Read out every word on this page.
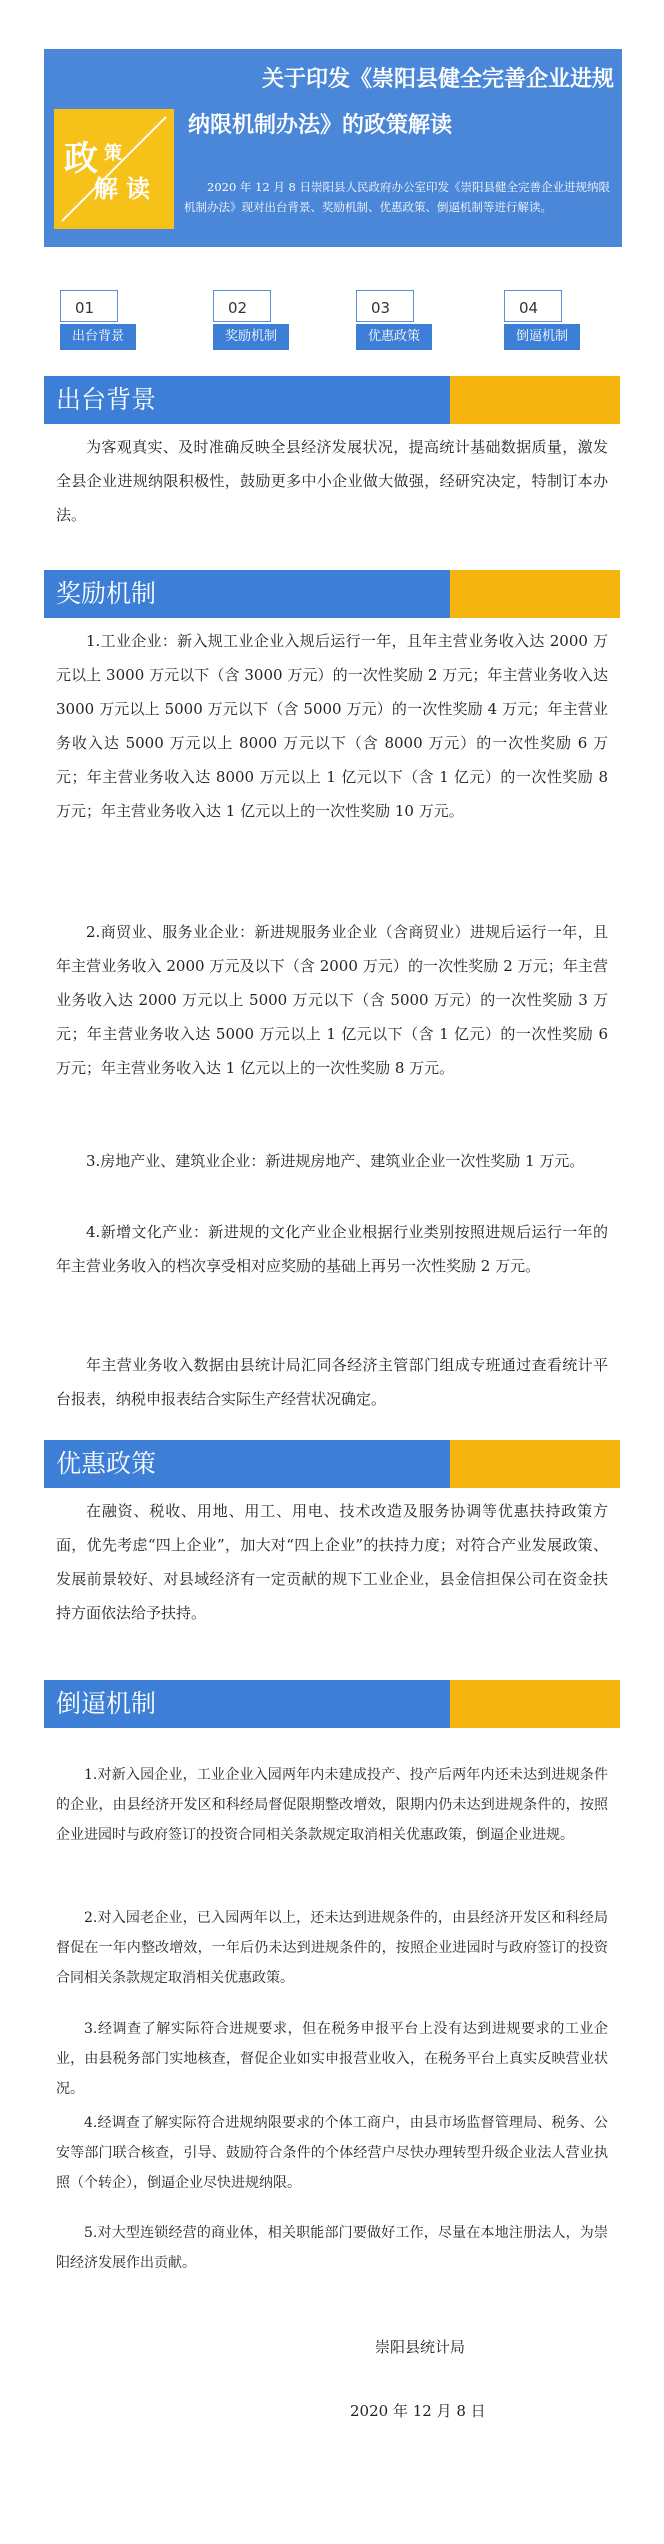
政 策
解 读
关于印发《崇阳县健全完善企业进规
纳限机制办法》的政策解读

2020 年 12 月 8 日崇阳县人民政府办公室印发《崇阳县健全完善企业进规纳限机制办法》现对出台背景、奖励机制、优惠政策、倒逼机制等进行解读。

01
出台背景
02
奖励机制
03
优惠政策
04
倒逼机制
出台背景

为客观真实、及时准确反映全县经济发展状况，提高统计基础数据质量，激发全县企业进规纳限积极性，鼓励更多中小企业做大做强，经研究决定，特制订本办法。

奖励机制

1.工业企业：新入规工业企业入规后运行一年，且年主营业务收入达 2000 万元以上 3000 万元以下（含 3000 万元）的一次性奖励 2 万元；年主营业务收入达 3000 万元以上 5000 万元以下（含 5000 万元）的一次性奖励 4 万元；年主营业务收入达 5000 万元以上 8000 万元以下（含 8000 万元）的一次性奖励 6 万元；年主营业务收入达 8000 万元以上 1 亿元以下（含 1 亿元）的一次性奖励 8 万元；年主营业务收入达 1 亿元以上的一次性奖励 10 万元。

2.商贸业、服务业企业：新进规服务业企业（含商贸业）进规后运行一年，且年主营业务收入 2000 万元及以下（含 2000 万元）的一次性奖励 2 万元；年主营业务收入达 2000 万元以上 5000 万元以下（含 5000 万元）的一次性奖励 3 万元；年主营业务收入达 5000 万元以上 1 亿元以下（含 1 亿元）的一次性奖励 6 万元；年主营业务收入达 1 亿元以上的一次性奖励 8 万元。

3.房地产业、建筑业企业：新进规房地产、建筑业企业一次性奖励 1 万元。

4.新增文化产业：新进规的文化产业企业根据行业类别按照进规后运行一年的年主营业务收入的档次享受相对应奖励的基础上再另一次性奖励 2 万元。

年主营业务收入数据由县统计局汇同各经济主管部门组成专班通过查看统计平台报表，纳税申报表结合实际生产经营状况确定。

优惠政策

在融资、税收、用地、用工、用电、技术改造及服务协调等优惠扶持政策方面，优先考虑“四上企业”，加大对“四上企业”的扶持力度；对符合产业发展政策、发展前景较好、对县域经济有一定贡献的规下工业企业，县金信担保公司在资金扶持方面依法给予扶持。

倒逼机制

1.对新入园企业，工业企业入园两年内未建成投产、投产后两年内还未达到进规条件的企业，由县经济开发区和科经局督促限期整改增效，限期内仍未达到进规条件的，按照企业进园时与政府签订的投资合同相关条款规定取消相关优惠政策，倒逼企业进规。

2.对入园老企业，已入园两年以上，还未达到进规条件的，由县经济开发区和科经局督促在一年内整改增效，一年后仍未达到进规条件的，按照企业进园时与政府签订的投资合同相关条款规定取消相关优惠政策。

3.经调查了解实际符合进规要求，但在税务申报平台上没有达到进规要求的工业企业，由县税务部门实地核查，督促企业如实申报营业收入，在税务平台上真实反映营业状况。

4.经调查了解实际符合进规纳限要求的个体工商户，由县市场监督管理局、税务、公安等部门联合核查，引导、鼓励符合条件的个体经营户尽快办理转型升级企业法人营业执照（个转企），倒逼企业尽快进规纳限。

5.对大型连锁经营的商业体，相关职能部门要做好工作，尽量在本地注册法人，为崇阳经济发展作出贡献。

崇阳县统计局
2020 年 12 月 8 日
